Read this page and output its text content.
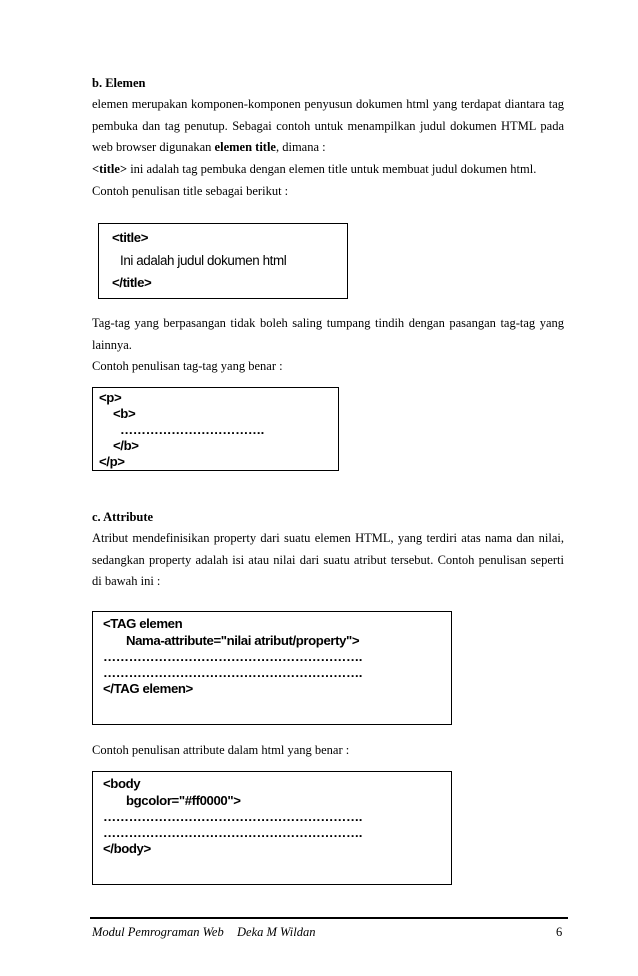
b. Elemen
elemen merupakan komponen-komponen penyusun dokumen html yang terdapat diantara tag pembuka dan tag penutup. Sebagai contoh untuk menampilkan judul dokumen HTML pada web browser digunakan elemen title, dimana :
<title> ini adalah tag pembuka dengan elemen title untuk membuat judul dokumen html.
Contoh penulisan title sebagai berikut :
<title>
Ini adalah judul dokumen html
</title>
Tag-tag yang berpasangan tidak boleh saling tumpang tindih dengan pasangan tag-tag yang lainnya.
Contoh penulisan tag-tag yang benar :
<p>
<b>
…………………………….
</b>
</p>
c. Attribute
Atribut mendefinisikan property dari suatu elemen HTML, yang terdiri atas nama dan nilai, sedangkan property adalah isi atau nilai dari suatu atribut tersebut. Contoh penulisan seperti di bawah ini :
<TAG elemen
Nama-attribute="nilai atribut/property">
…………………………………………………….
…………………………………………………….
</TAG elemen>
Contoh penulisan attribute dalam html yang benar :
<body
bgcolor="#ff0000">
…………………………………………………….
…………………………………………………….
</body>
Modul Pemrograman Web Deka M Wildan	6
